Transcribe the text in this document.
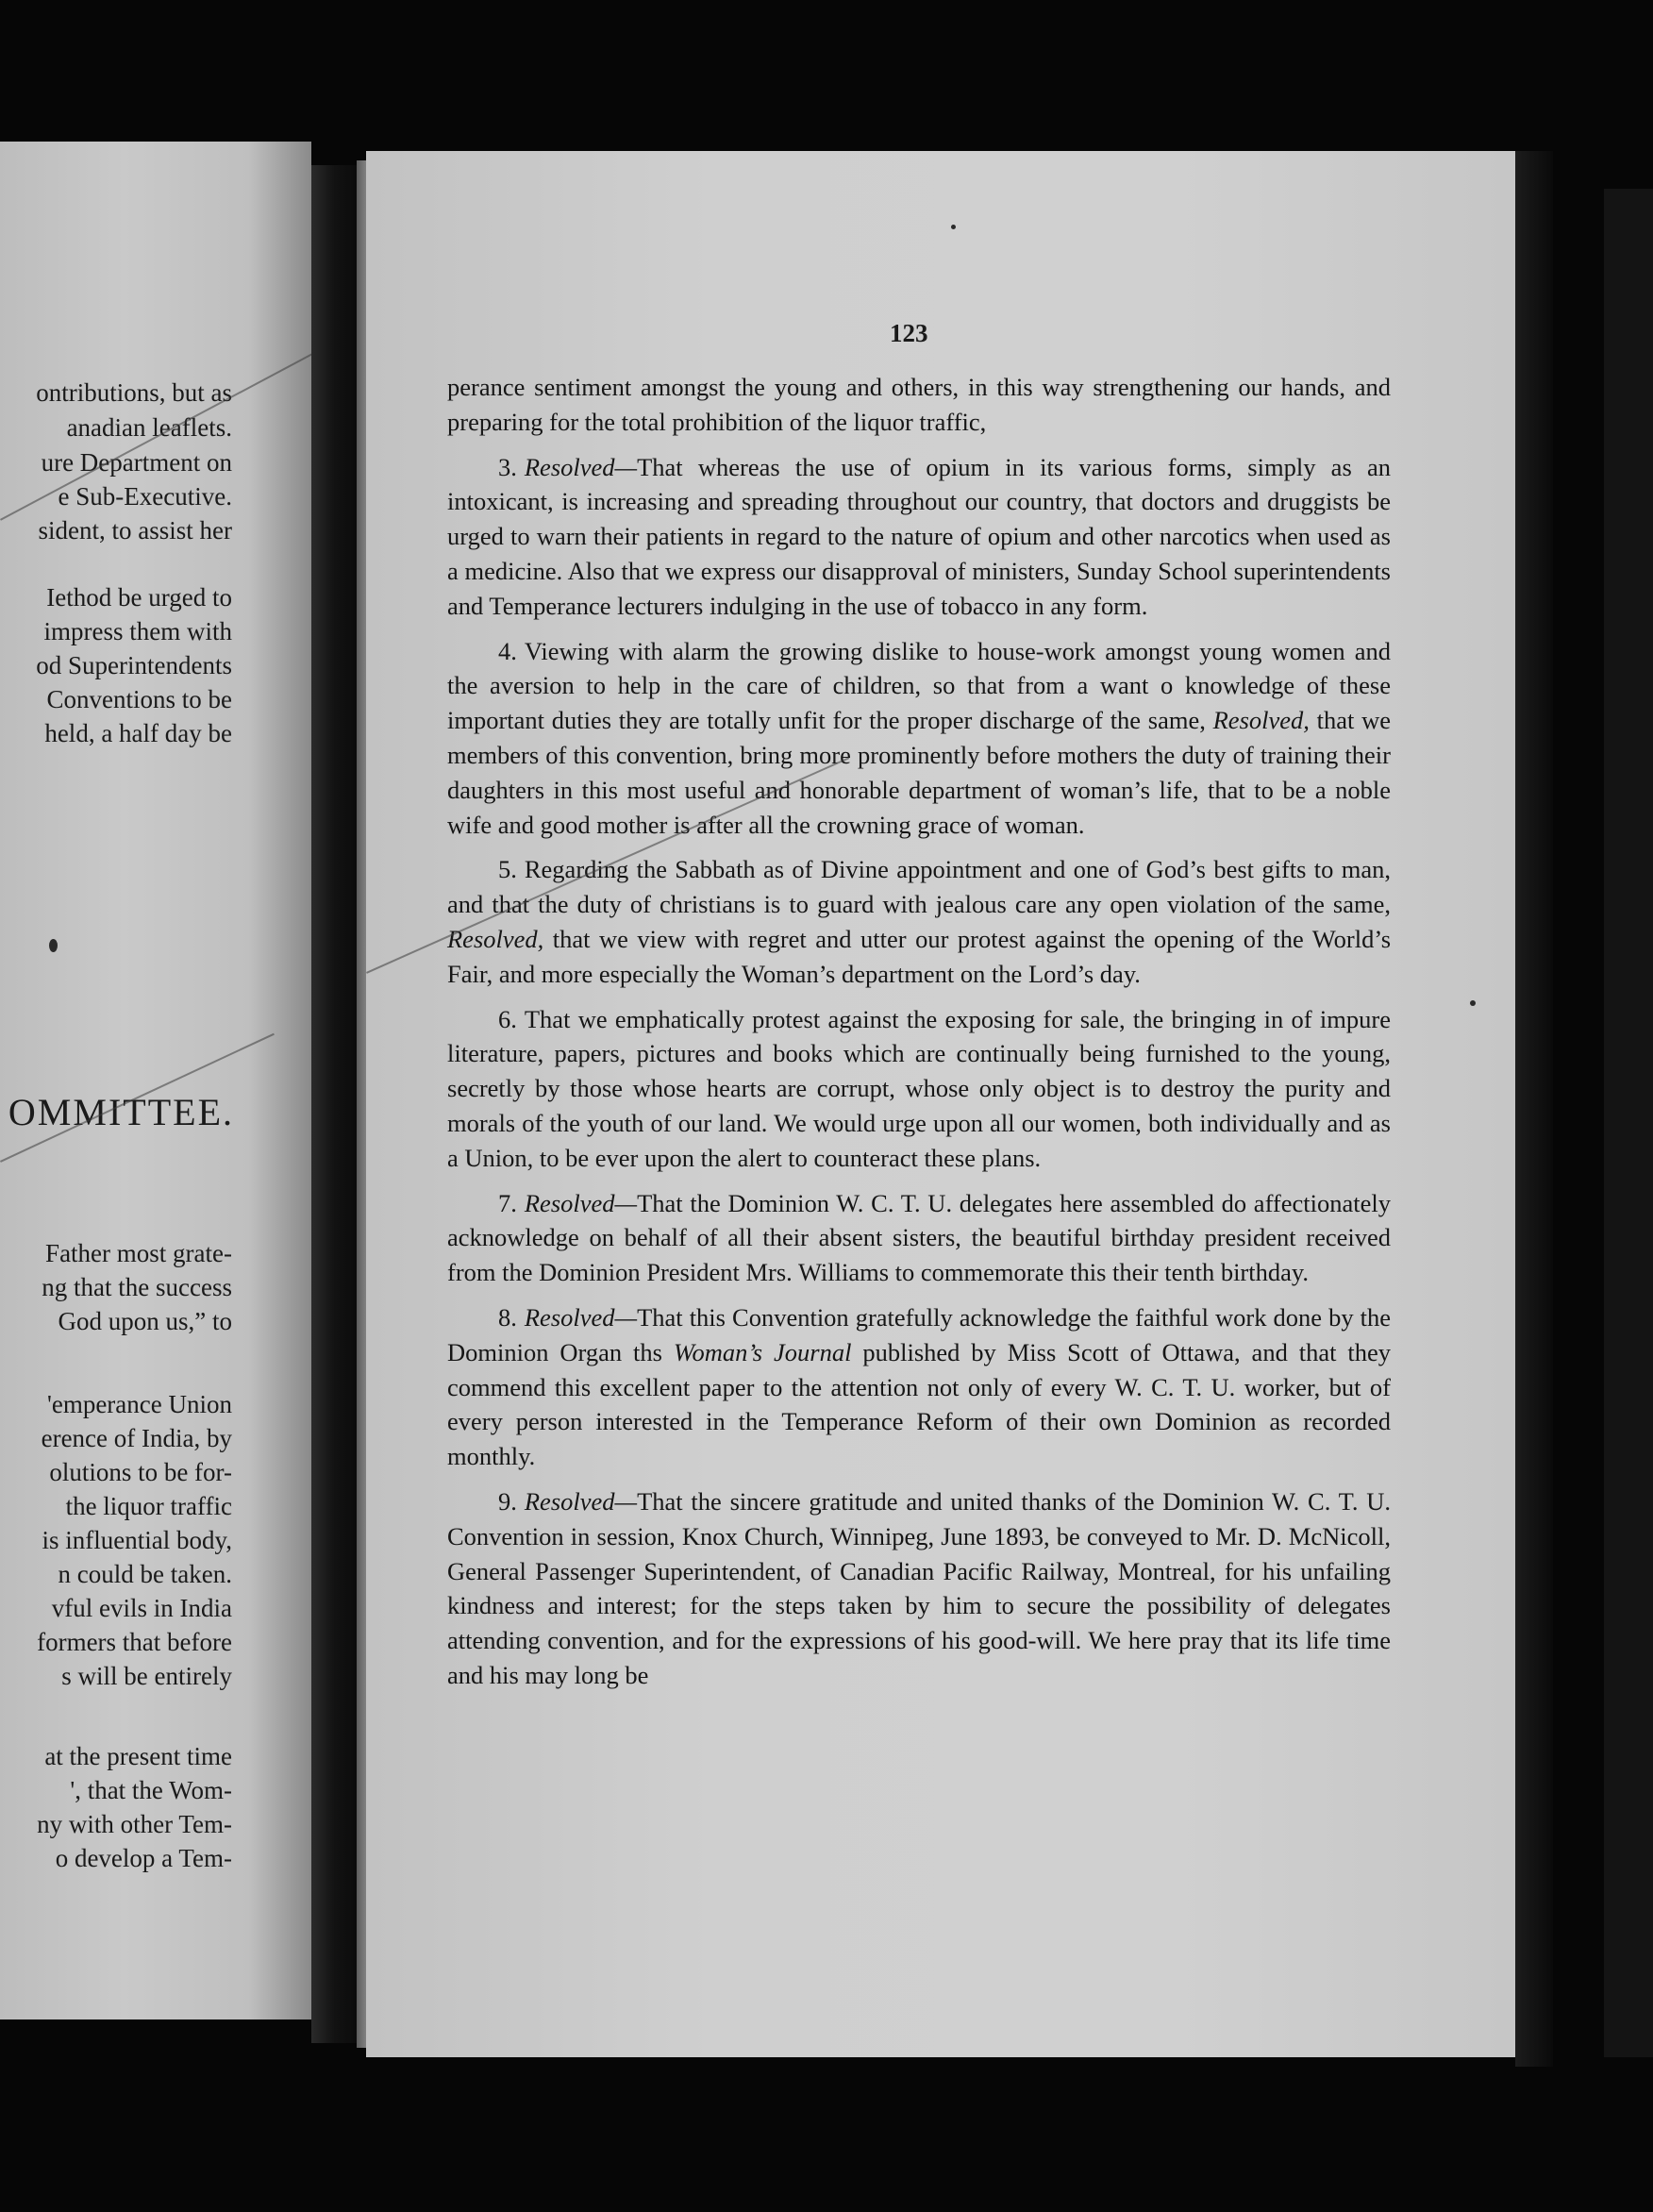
ontributions, but as
anadian leaflets.
ure Department on
e Sub-Executive.
sident, to assist her
Iethod be urged to
impress them with
od Superintendents
Conventions to be
held, a half day be
OMMITTEE.
Father most grate-
ng that the success
God upon us,” to
'emperance Union
erence of India, by
olutions to be for-
the liquor traffic
is influential body,
n could be taken.
vful evils in India
formers that before
s will be entirely
at the present time
', that the Wom-
ny with other Tem-
o develop a Tem-
123

perance sentiment amongst the young and others, in this way strengthening our hands, and preparing for the total prohibition of the liquor traffic,

3. Resolved—That whereas the use of opium in its various forms, simply as an intoxicant, is increasing and spreading throughout our country, that doctors and druggists be urged to warn their patients in regard to the nature of opium and other narcotics when used as a medicine. Also that we express our disapproval of ministers, Sunday School superintendents and Temperance lecturers indulging in the use of tobacco in any form.

4. Viewing with alarm the growing dislike to house-work amongst young women and the aversion to help in the care of children, so that from a want o knowledge of these important duties they are totally unfit for the proper discharge of the same, Resolved, that we members of this convention, bring more prominently before mothers the duty of training their daughters in this most useful and honorable department of woman’s life, that to be a noble wife and good mother is after all the crowning grace of woman.

5. Regarding the Sabbath as of Divine appointment and one of God’s best gifts to man, and that the duty of christians is to guard with jealous care any open violation of the same, Resolved, that we view with regret and utter our protest against the opening of the World’s Fair, and more especially the Woman’s department on the Lord’s day.

6. That we emphatically protest against the exposing for sale, the bringing in of impure literature, papers, pictures and books which are continually being furnished to the young, secretly by those whose hearts are corrupt, whose only object is to destroy the purity and morals of the youth of our land. We would urge upon all our women, both individually and as a Union, to be ever upon the alert to counteract these plans.

7. Resolved—That the Dominion W. C. T. U. delegates here assembled do affectionately acknowledge on behalf of all their absent sisters, the beautiful birthday president received from the Dominion President Mrs. Williams to commemorate this their tenth birthday.

8. Resolved—That this Convention gratefully acknowledge the faithful work done by the Dominion Organ ths Woman’s Journal published by Miss Scott of Ottawa, and that they commend this excellent paper to the attention not only of every W. C. T. U. worker, but of every person interested in the Temperance Reform of their own Dominion as recorded monthly.

9. Resolved—That the sincere gratitude and united thanks of the Dominion W. C. T. U. Convention in session, Knox Church, Winnipeg, June 1893, be conveyed to Mr. D. McNicoll, General Passenger Superintendent, of Canadian Pacific Railway, Montreal, for his unfailing kindness and interest; for the steps taken by him to secure the possibility of delegates attending convention, and for the expressions of his good-will. We here pray that its life time and his may long be
